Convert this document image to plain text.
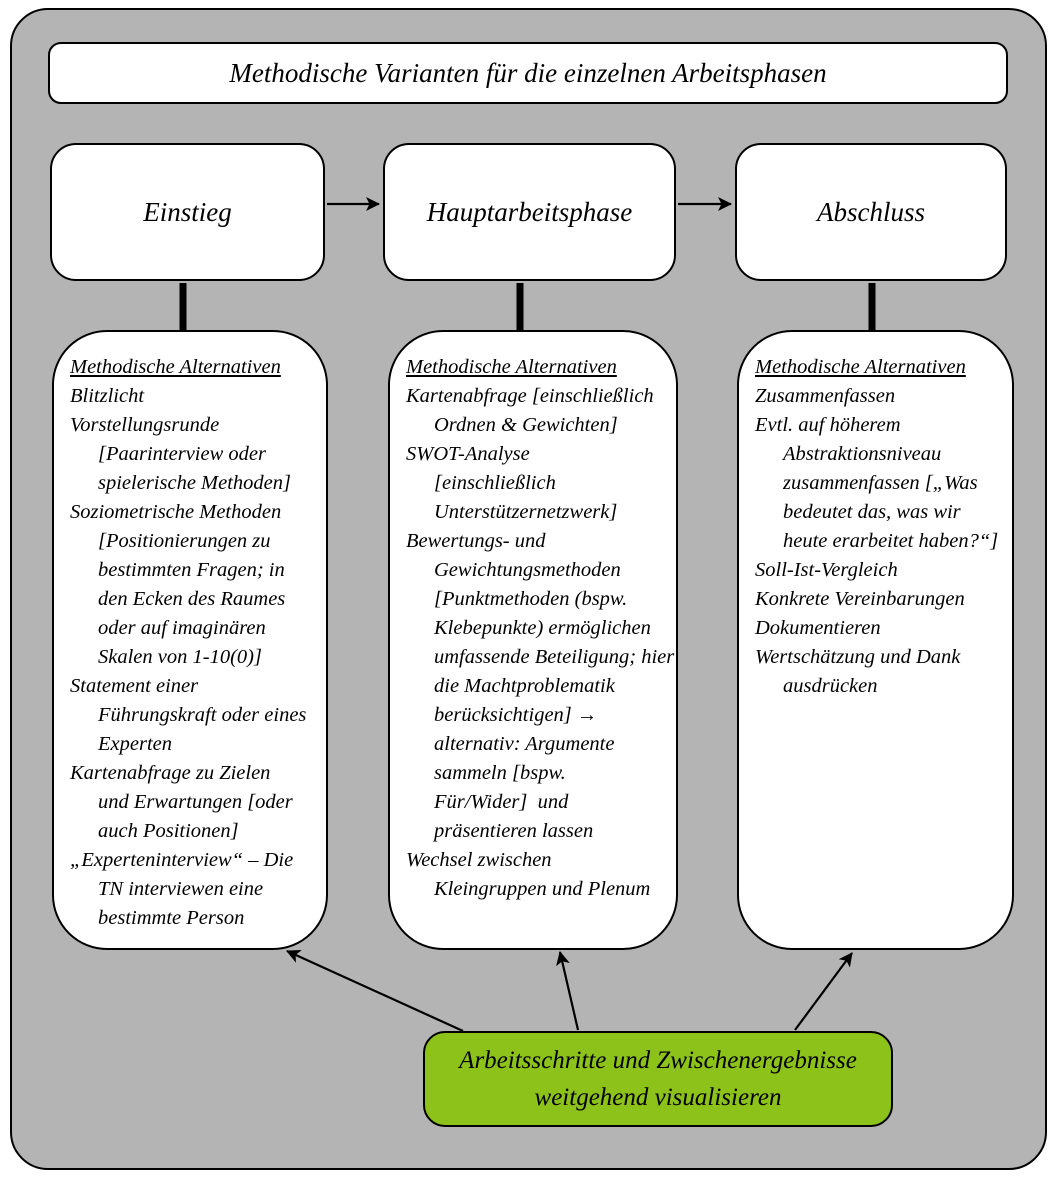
Methodische Varianten für die einzelnen Arbeitsphasen
Einstieg	Hauptarbeitsphase	Abschluss
Methodische Alternativen
Blitzlicht
Vorstellungsrunde
[Paarinterview oder
spielerische Methoden]
Soziometrische Methoden
[Positionierungen zu
bestimmten Fragen; in
den Ecken des Raumes
oder auf imaginären
Skalen von 1-10(0)]
Statement einer
Führungskraft oder eines
Experten
Kartenabfrage zu Zielen
und Erwartungen [oder
auch Positionen]
„Experteninterview“ – Die
TN interviewen eine
bestimmte Person
Methodische Alternativen
Kartenabfrage [einschließlich
Ordnen & Gewichten]
SWOT-Analyse
[einschließlich
Unterstützernetzwerk]
Bewertungs- und
Gewichtungsmethoden
[Punktmethoden (bspw.
Klebepunkte) ermöglichen
umfassende Beteiligung; hier
die Machtproblematik
berücksichtigen] →
alternativ: Argumente
sammeln [bspw.
Für/Wider]  und
präsentieren lassen
Wechsel zwischen
Kleingruppen und Plenum
Methodische Alternativen
Zusammenfassen
Evtl. auf höherem
Abstraktionsniveau
zusammenfassen [„Was
bedeutet das, was wir
heute erarbeitet haben?“]
Soll-Ist-Vergleich
Konkrete Vereinbarungen
Dokumentieren
Wertschätzung und Dank
ausdrücken
Arbeitsschritte und Zwischenergebnisse
weitgehend visualisieren
